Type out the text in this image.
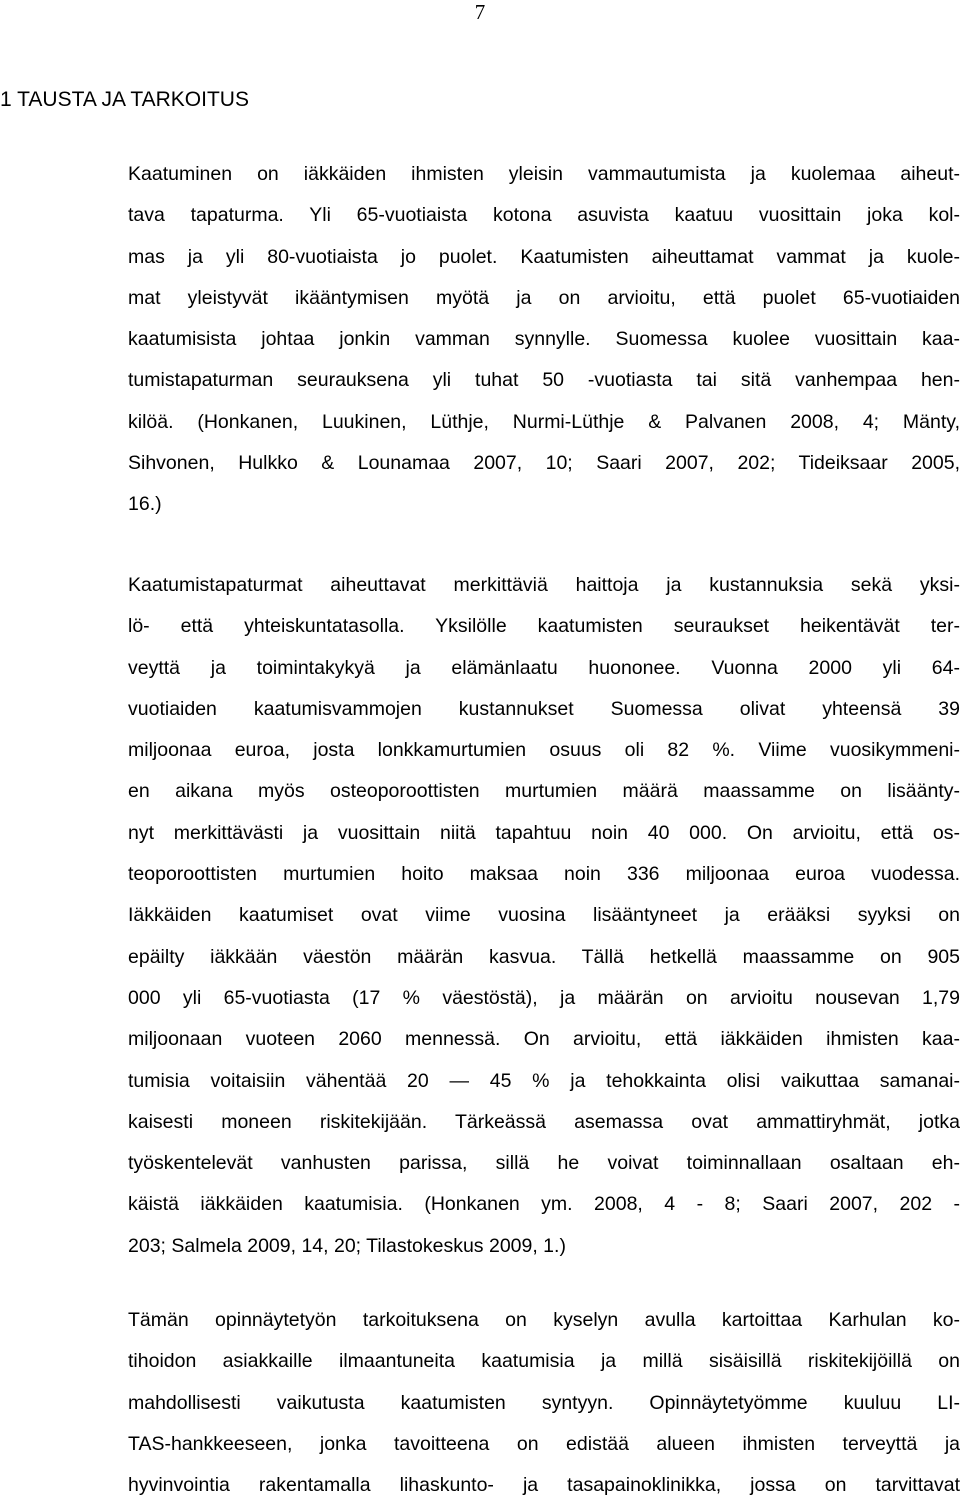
7
1 TAUSTA JA TARKOITUS
Kaatuminen on iäkkäiden ihmisten yleisin vammautumista ja kuolemaa aiheut-
tava tapaturma. Yli 65-vuotiaista kotona asuvista kaatuu vuosittain joka kol-
mas ja yli 80-vuotiaista jo puolet. Kaatumisten aiheuttamat vammat ja kuole-
mat yleistyvät ikääntymisen myötä ja on arvioitu, että puolet 65-vuotiaiden
kaatumisista johtaa jonkin vamman synnylle. Suomessa kuolee vuosittain kaa-
tumistapaturman seurauksena yli tuhat 50 -vuotiasta tai sitä vanhempaa hen-
kilöä. (Honkanen, Luukinen, Lüthje, Nurmi-Lüthje & Palvanen 2008, 4; Mänty,
Sihvonen, Hulkko & Lounamaa 2007, 10; Saari 2007, 202; Tideiksaar 2005,
16.)
Kaatumistapaturmat aiheuttavat merkittäviä haittoja ja kustannuksia sekä yksi-
lö- että yhteiskuntatasolla. Yksilölle kaatumisten seuraukset heikentävät ter-
veyttä ja toimintakykyä ja elämänlaatu huononee. Vuonna 2000 yli 64-
vuotiaiden kaatumisvammojen kustannukset Suomessa olivat yhteensä 39
miljoonaa euroa, josta lonkkamurtumien osuus oli 82 %. Viime vuosikymmeni-
en aikana myös osteoporoottisten murtumien määrä maassamme on lisäänty-
nyt merkittävästi ja vuosittain niitä tapahtuu noin 40 000. On arvioitu, että os-
teoporoottisten murtumien hoito maksaa noin 336 miljoonaa euroa vuodessa.
Iäkkäiden kaatumiset ovat viime vuosina lisääntyneet ja erääksi syyksi on
epäilty iäkkään väestön määrän kasvua. Tällä hetkellä maassamme on 905
000 yli 65-vuotiasta (17 % väestöstä), ja määrän on arvioitu nousevan 1,79
miljoonaan vuoteen 2060 mennessä. On arvioitu, että iäkkäiden ihmisten kaa-
tumisia voitaisiin vähentää 20 — 45 % ja tehokkainta olisi vaikuttaa samanai-
kaisesti moneen riskitekijään. Tärkeässä asemassa ovat ammattiryhmät, jotka
työskentelevät vanhusten parissa, sillä he voivat toiminnallaan osaltaan eh-
käistä iäkkäiden kaatumisia. (Honkanen ym. 2008, 4 - 8; Saari 2007, 202 -
203; Salmela 2009, 14, 20; Tilastokeskus 2009, 1.)
Tämän opinnäytetyön tarkoituksena on kyselyn avulla kartoittaa Karhulan ko-
tihoidon asiakkaille ilmaantuneita kaatumisia ja millä sisäisillä riskitekijöillä on
mahdollisesti vaikutusta kaatumisten syntyyn. Opinnäytetyömme kuuluu LI-
TAS-hankkeeseen, jonka tavoitteena on edistää alueen ihmisten terveyttä ja
hyvinvointia rakentamalla lihaskunto- ja tasapainoklinikka, jossa on tarvittavat
